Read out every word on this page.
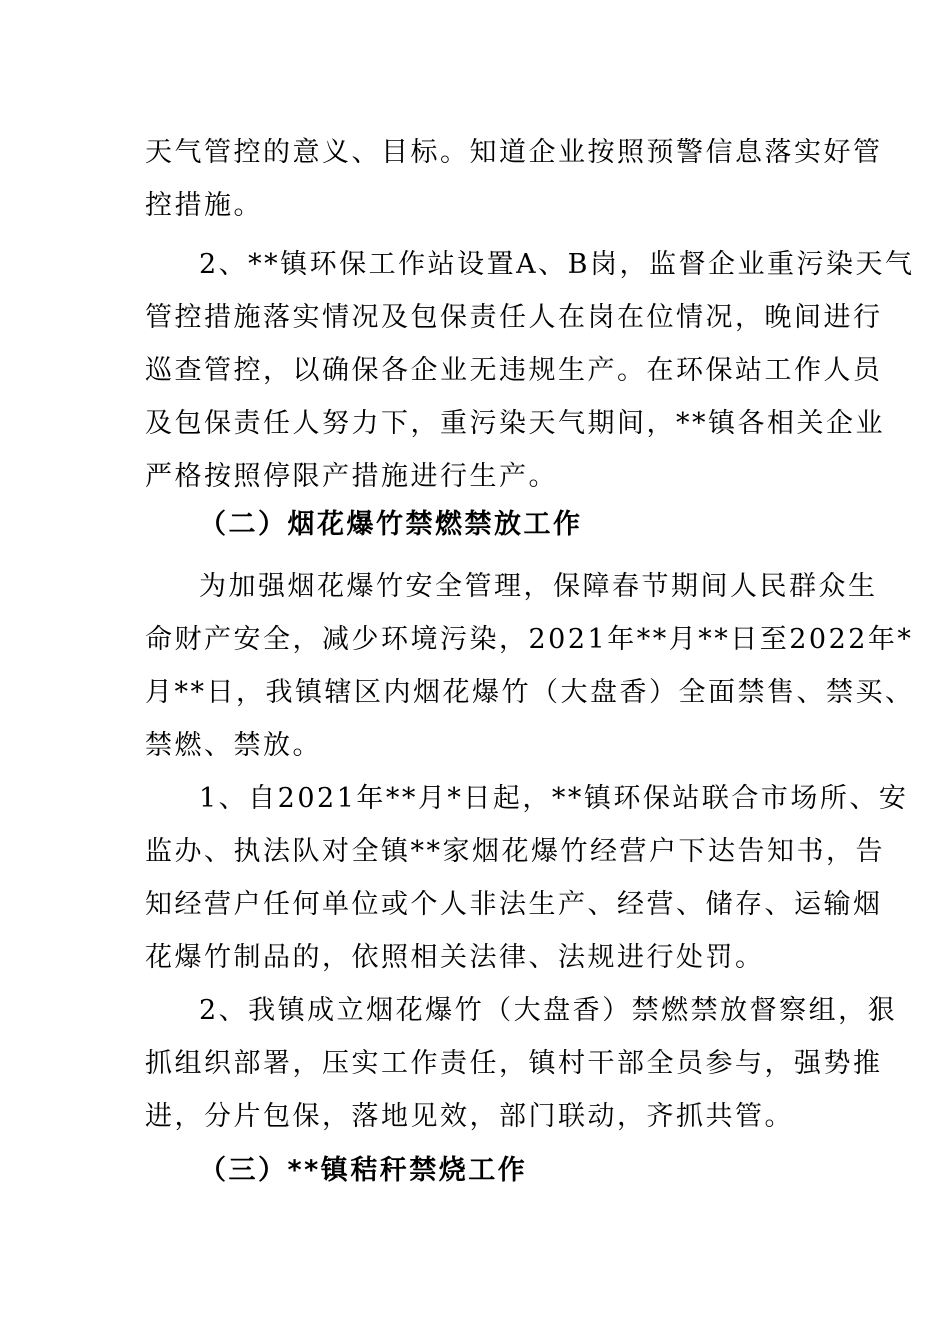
天气管控的意义、目标。知道企业按照预警信息落实好管
控措施。
2、**镇环保工作站设置A、B岗，监督企业重污染天气
管控措施落实情况及包保责任人在岗在位情况，晚间进行
巡查管控，以确保各企业无违规生产。在环保站工作人员
及包保责任人努力下，重污染天气期间，**镇各相关企业
严格按照停限产措施进行生产。
（二）烟花爆竹禁燃禁放工作
为加强烟花爆竹安全管理，保障春节期间人民群众生
命财产安全，减少环境污染，2021年**月**日至2022年*
月**日，我镇辖区内烟花爆竹（大盘香）全面禁售、禁买、
禁燃、禁放。
1、自2021年**月*日起，**镇环保站联合市场所、安
监办、执法队对全镇**家烟花爆竹经营户下达告知书，告
知经营户任何单位或个人非法生产、经营、储存、运输烟
花爆竹制品的，依照相关法律、法规进行处罚。
2、我镇成立烟花爆竹（大盘香）禁燃禁放督察组，狠
抓组织部署，压实工作责任，镇村干部全员参与，强势推
进，分片包保，落地见效，部门联动，齐抓共管。
（三）**镇秸秆禁烧工作
